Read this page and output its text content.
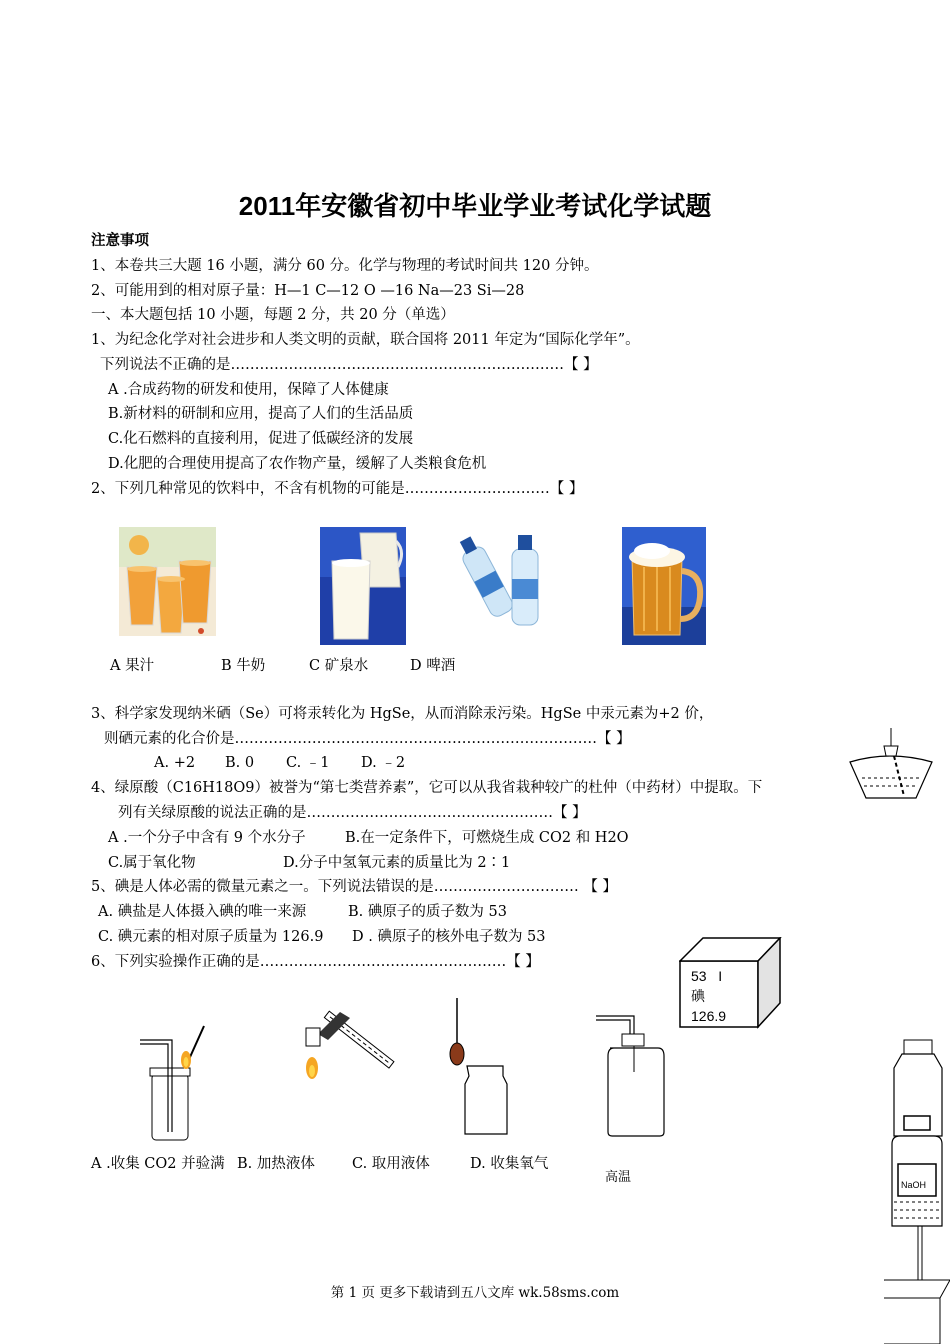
2011年安徽省初中毕业学业考试化学试题
注意事项
1、本卷共三大题 16 小题，满分 60 分。化学与物理的考试时间共 120 分钟。
2、可能用到的相对原子量：H—1 C—12 O —16 Na—23 Si—28
一、本大题包括 10 小题，每题 2 分，共 20 分（单选）
1、为纪念化学对社会进步和人类文明的贡献，联合国将 2011 年定为“国际化学年”。
下列说法不正确的是……………………………………………………………【 】
A .合成药物的研发和使用，保障了人体健康
B.新材料的研制和应用，提高了人们的生活品质
C.化石燃料的直接利用，促进了低碳经济的发展
D.化肥的合理使用提高了农作物产量，缓解了人类粮食危机
2、下列几种常见的饮料中，不含有机物的可能是…………………………【 】
A 果汁	B 牛奶	C 矿泉水	D 啤酒
3、科学家发现纳米硒（Se）可将汞转化为 HgSe，从而消除汞污染。HgSe 中汞元素为+2 价，
则硒元素的化合价是…………………………………………………………………【 】
A. +2 B. 0 C. ﹣1 D. ﹣2
4、绿原酸（C16H18O9）被誉为“第七类营养素”，它可以从我省栽种较广的杜仲（中药材）中提取。下
列有关绿原酸的说法正确的是……………………………………………【 】
A .一个分子中含有 9 个水分子	B.在一定条件下，可燃烧生成 CO2 和 H2O
C.属于氧化物	D.分子中氢氧元素的质量比为 2∶1
5、碘是人体必需的微量元素之一。下列说法错误的是………………………… 【 】
A. 碘盐是人体摄入碘的唯一来源	B. 碘原子的质子数为 53
C. 碘元素的相对原子质量为 126.9 D . 碘原子的核外电子数为 53
53 I
碘
126.9
6、下列实验操作正确的是……………………………………………【 】
A .收集 CO2 并验满 B. 加热液体	C. 取用液体	D. 收集氧气
高温	NaOH
第 1 页 更多下载请到五八文库 wk.58sms.com
